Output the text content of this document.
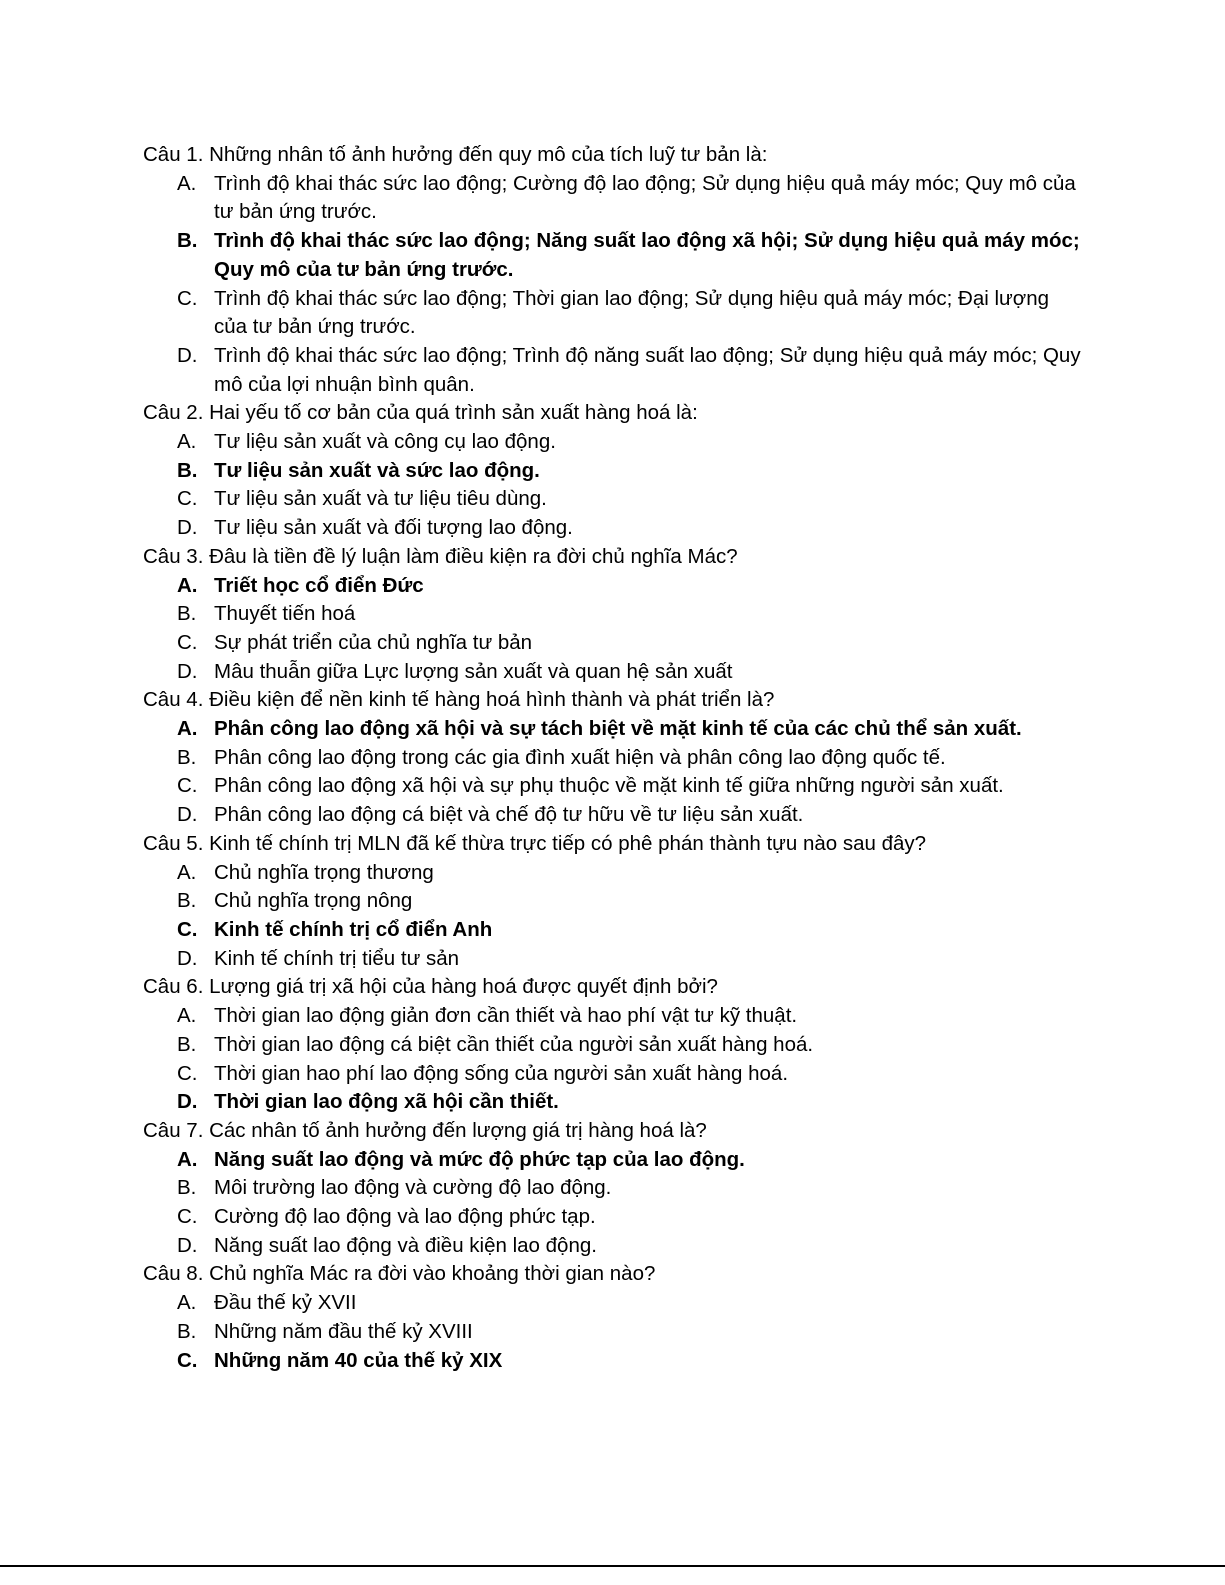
Câu 1. Những nhân tố ảnh hưởng đến quy mô của tích luỹ tư bản là:
A. Trình độ khai thác sức lao động; Cường độ lao động; Sử dụng hiệu quả máy móc; Quy mô của tư bản ứng trước.
B. Trình độ khai thác sức lao động; Năng suất lao động xã hội; Sử dụng hiệu quả máy móc; Quy mô của tư bản ứng trước.
C. Trình độ khai thác sức lao động; Thời gian lao động; Sử dụng hiệu quả máy móc; Đại lượng của tư bản ứng trước.
D. Trình độ khai thác sức lao động; Trình độ năng suất lao động; Sử dụng hiệu quả máy móc; Quy mô của lợi nhuận bình quân.
Câu 2. Hai yếu tố cơ bản của quá trình sản xuất hàng hoá là:
A. Tư liệu sản xuất và công cụ lao động.
B. Tư liệu sản xuất và sức lao động.
C. Tư liệu sản xuất và tư liệu tiêu dùng.
D. Tư liệu sản xuất và đối tượng lao động.
Câu 3. Đâu là tiền đề lý luận làm điều kiện ra đời chủ nghĩa Mác?
A. Triết học cổ điển Đức
B. Thuyết tiến hoá
C. Sự phát triển của chủ nghĩa tư bản
D. Mâu thuẫn giữa Lực lượng sản xuất và quan hệ sản xuất
Câu 4. Điều kiện để nền kinh tế hàng hoá hình thành và phát triển là?
A. Phân công lao động xã hội và sự tách biệt về mặt kinh tế của các chủ thể sản xuất.
B. Phân công lao động trong các gia đình xuất hiện và phân công lao động quốc tế.
C. Phân công lao động xã hội và sự phụ thuộc về mặt kinh tế giữa những người sản xuất.
D. Phân công lao động cá biệt và chế độ tư hữu về tư liệu sản xuất.
Câu 5. Kinh tế chính trị MLN đã kế thừa trực tiếp có phê phán thành tựu nào sau đây?
A. Chủ nghĩa trọng thương
B. Chủ nghĩa trọng nông
C. Kinh tế chính trị cổ điển Anh
D. Kinh tế chính trị tiểu tư sản
Câu 6. Lượng giá trị xã hội của hàng hoá được quyết định bởi?
A. Thời gian lao động giản đơn cần thiết và hao phí vật tư kỹ thuật.
B. Thời gian lao động cá biệt cần thiết của người sản xuất hàng hoá.
C. Thời gian hao phí lao động sống của người sản xuất hàng hoá.
D. Thời gian lao động xã hội cần thiết.
Câu 7. Các nhân tố ảnh hưởng đến lượng giá trị hàng hoá là?
A. Năng suất lao động và mức độ phức tạp của lao động.
B. Môi trường lao động và cường độ lao động.
C. Cường độ lao động và lao động phức tạp.
D. Năng suất lao động và điều kiện lao động.
Câu 8. Chủ nghĩa Mác ra đời vào khoảng thời gian nào?
A. Đầu thế kỷ XVII
B. Những năm đầu thế kỷ XVIII
C. Những năm 40 của thế kỷ XIX
